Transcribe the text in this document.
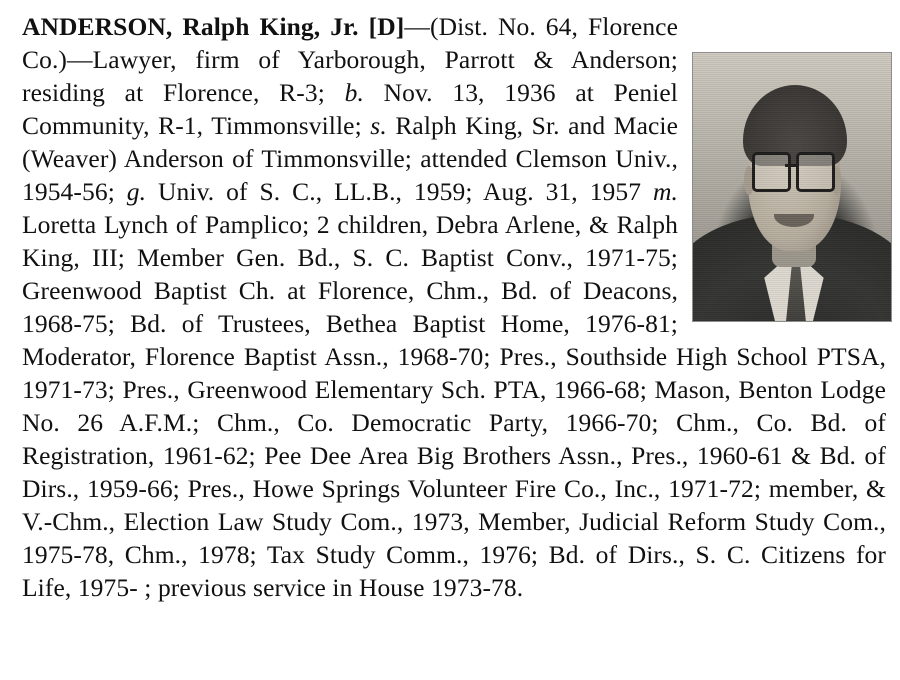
ANDERSON, Ralph King, Jr. [D]—(Dist. No. 64, Florence Co.)—Lawyer, firm of Yarborough, Parrott & Anderson; residing at Florence, R-3; b. Nov. 13, 1936 at Peniel Community, R-1, Timmonsville; s. Ralph King, Sr. and Macie (Weaver) Anderson of Timmonsville; attended Clemson Univ., 1954-56; g. Univ. of S. C., LL.B., 1959; Aug. 31, 1957 m. Loretta Lynch of Pamplico; 2 children, Debra Arlene, & Ralph King, III; Member Gen. Bd., S. C. Baptist Conv., 1971-75; Greenwood Baptist Ch. at Florence, Chm., Bd. of Deacons, 1968-75; Bd. of Trustees, Bethea Baptist Home, 1976-81; Moderator, Florence Baptist Assn., 1968-70; Pres., Southside High School PTSA, 1971-73; Pres., Greenwood Elementary Sch. PTA, 1966-68; Mason, Benton Lodge No. 26 A.F.M.; Chm., Co. Democratic Party, 1966-70; Chm., Co. Bd. of Registration, 1961-62; Pee Dee Area Big Brothers Assn., Pres., 1960-61 & Bd. of Dirs., 1959-66; Pres., Howe Springs Volunteer Fire Co., Inc., 1971-72; member, & V.-Chm., Election Law Study Com., 1973, Member, Judicial Reform Study Com., 1975-78, Chm., 1978; Tax Study Comm., 1976; Bd. of Dirs., S. C. Citizens for Life, 1975- ; previous service in House 1973-78.
